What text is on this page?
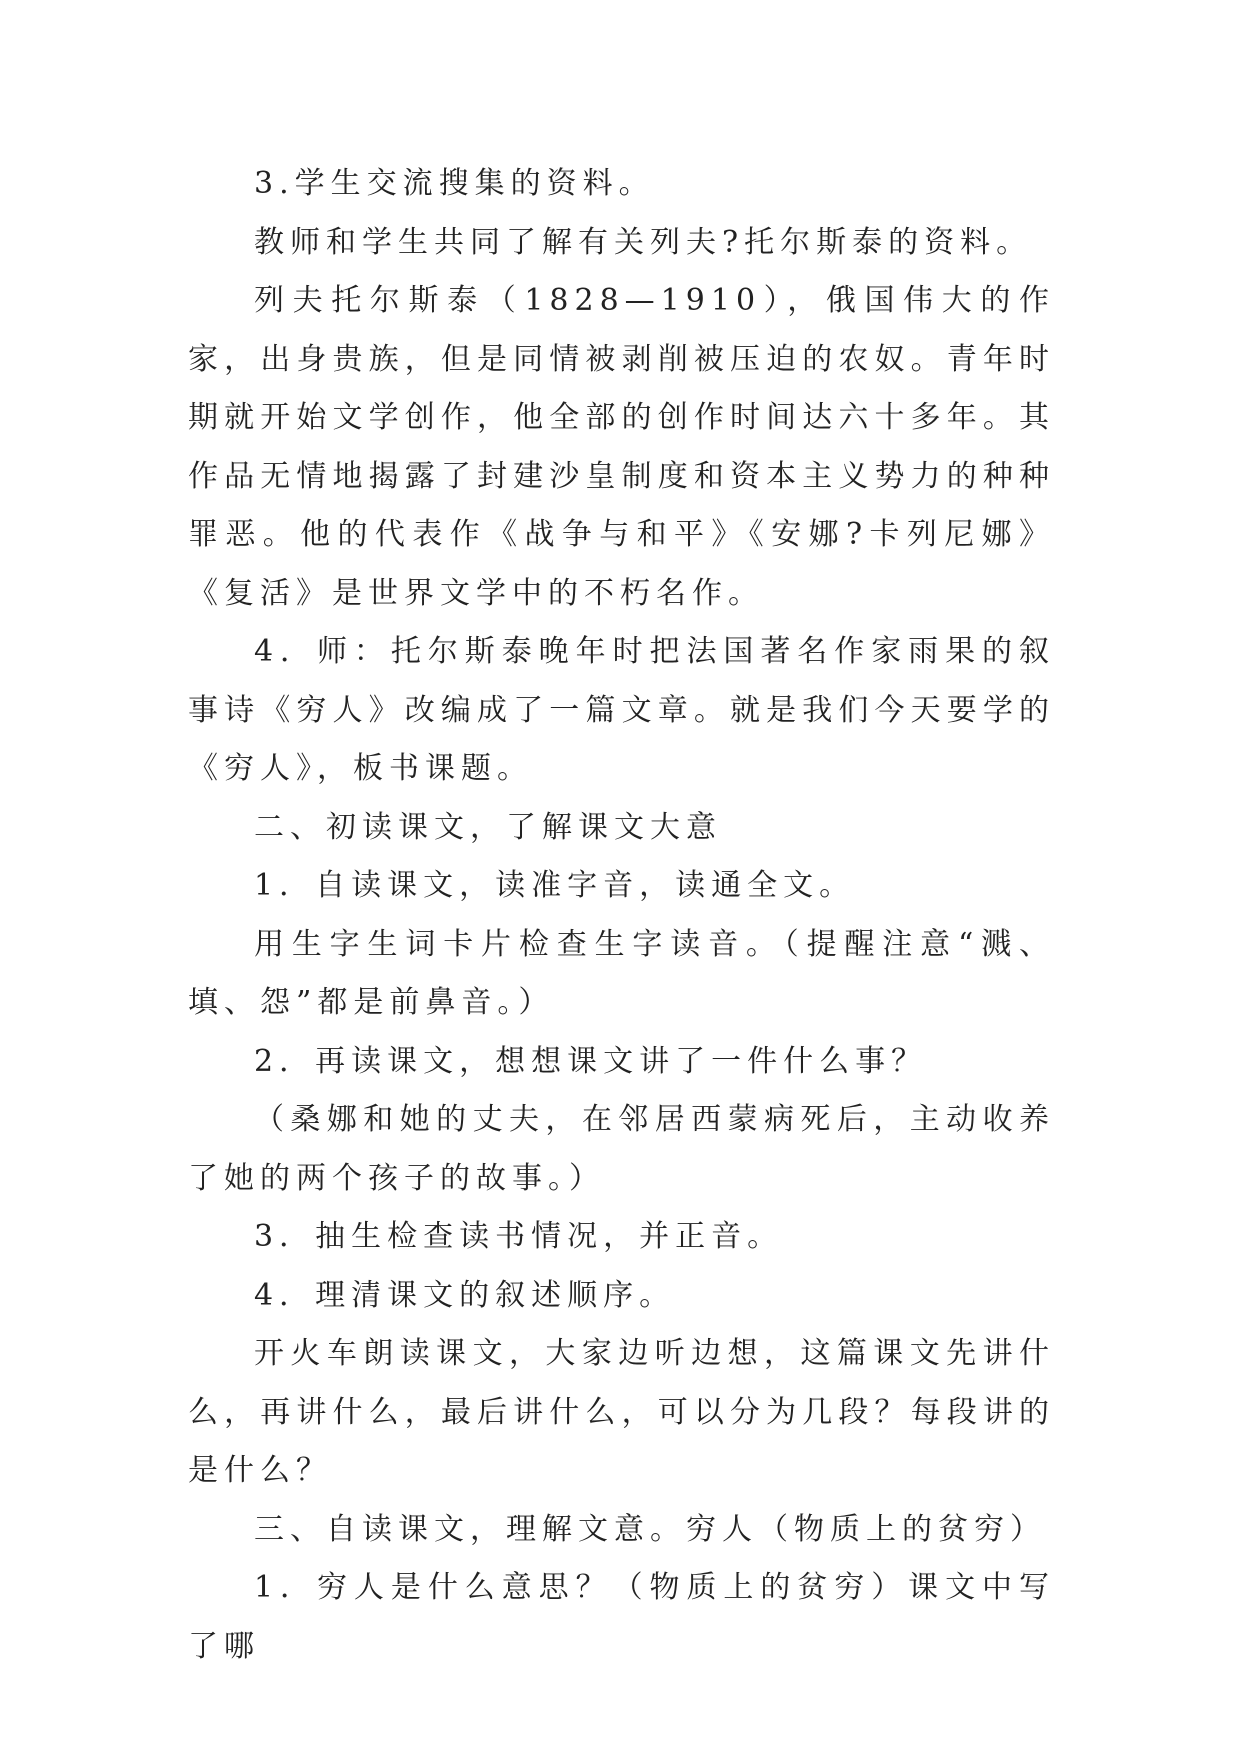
3.学生交流搜集的资料。

教师和学生共同了解有关列夫?托尔斯泰的资料。

列夫托尔斯泰（1828—1910），俄国伟大的作家，出身贵族，但是同情被剥削被压迫的农奴。青年时期就开始文学创作，他全部的创作时间达六十多年。其作品无情地揭露了封建沙皇制度和资本主义势力的种种罪恶。他的代表作《战争与和平》《安娜?卡列尼娜》《复活》是世界文学中的不朽名作。

4．师：托尔斯泰晚年时把法国著名作家雨果的叙事诗《穷人》改编成了一篇文章。就是我们今天要学的《穷人》，板书课题。

二、初读课文，了解课文大意

1．自读课文，读准字音，读通全文。

用生字生词卡片检查生字读音。（提醒注意“溅、填、怨”都是前鼻音。）

2．再读课文，想想课文讲了一件什么事？

（桑娜和她的丈夫，在邻居西蒙病死后，主动收养了她的两个孩子的故事。）

3．抽生检查读书情况，并正音。

4．理清课文的叙述顺序。

开火车朗读课文，大家边听边想，这篇课文先讲什么，再讲什么，最后讲什么，可以分为几段？每段讲的是什么？

三、自读课文，理解文意。穷人（物质上的贫穷）

1．穷人是什么意思？（物质上的贫穷）课文中写了哪
